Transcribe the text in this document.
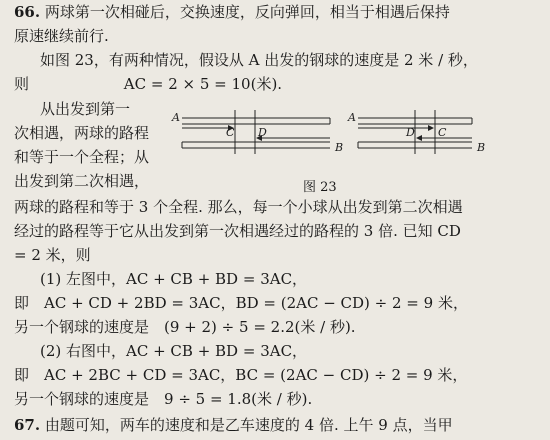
66. 两球第一次相碰后，交换速度，反向弹回，相当于相遇后保持
原速继续前行.
如图 23，有两种情况，假设从 A 出发的钢球的速度是 2 米 / 秒，
则	AC = 2 × 5 = 10(米).
从出发到第一
次相遇，两球的路程
和等于一个全程；从
出发到第二次相遇，
A
C D
B
A
D C
B
图 23
两球的路程和等于 3 个全程. 那么，每一个小球从出发到第二次相遇
经过的路程等于它从出发到第一次相遇经过的路程的 3 倍. 已知 CD
= 2 米，则
(1) 左图中，AC + CB + BD = 3AC，
即　AC + CD + 2BD = 3AC，BD = (2AC − CD) ÷ 2 = 9 米，
另一个钢球的速度是　(9 + 2) ÷ 5 = 2.2(米 / 秒).
(2) 右图中，AC + CB + BD = 3AC，
即　AC + 2BC + CD = 3AC，BC = (2AC − CD) ÷ 2 = 9 米，
另一个钢球的速度是　9 ÷ 5 = 1.8(米 / 秒).
67. 由题可知，两车的速度和是乙车速度的 4 倍. 上午 9 点，当甲
